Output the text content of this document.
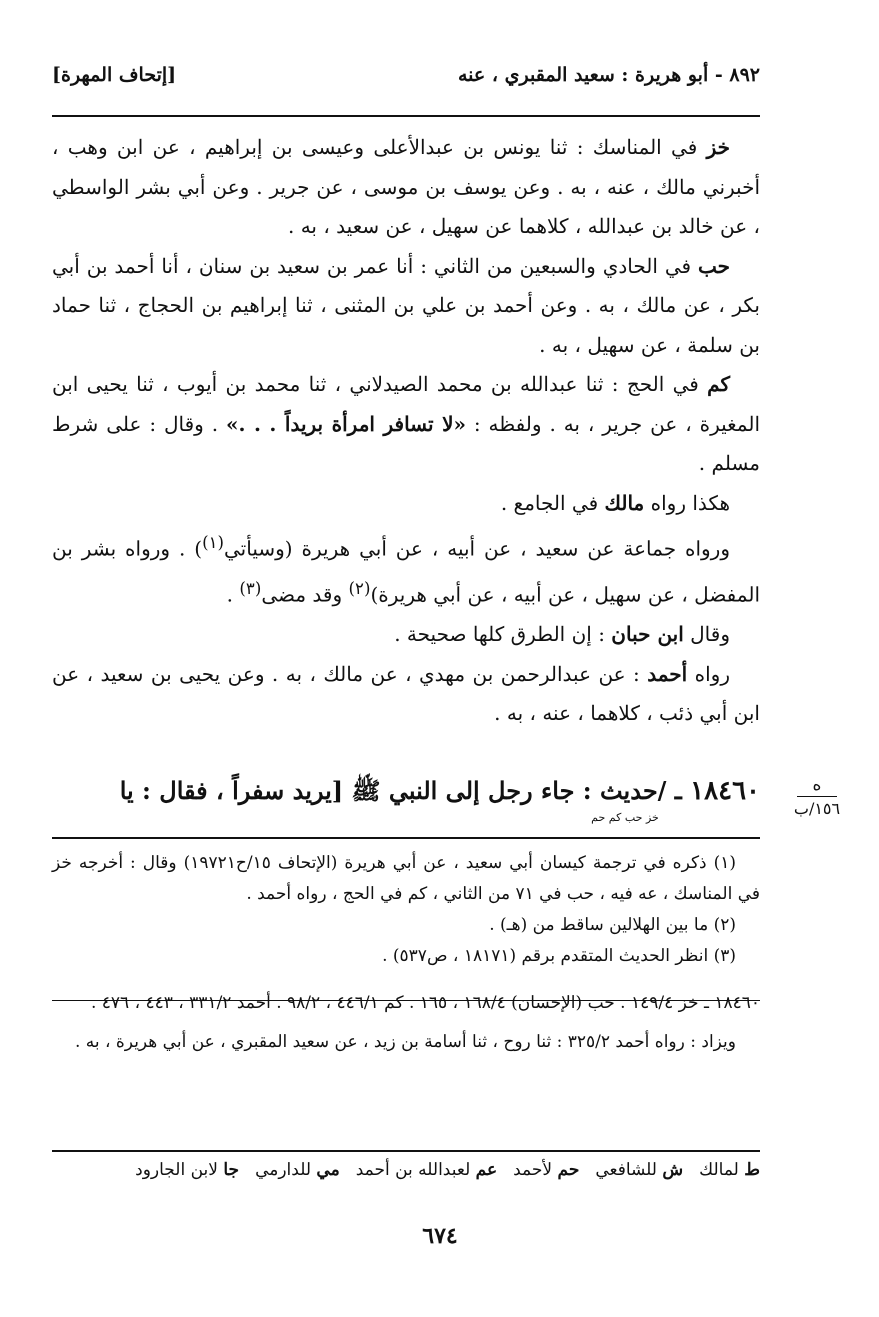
٨٩٢ - أبو هريرة : سعيد المقبري ، عنه
[إتحاف المهرة]

خز في المناسك : ثنا يونس بن عبدالأعلى وعيسى بن إبراهيم ، عن ابن وهب ، أخبرني مالك ، عنه ، به . وعن يوسف بن موسى ، عن جرير . وعن أبي بشر الواسطي ، عن خالد بن عبدالله ، كلاهما عن سهيل ، عن سعيد ، به .

حب في الحادي والسبعين من الثاني : أنا عمر بن سعيد بن سنان ، أنا أحمد بن أبي بكر ، عن مالك ، به . وعن أحمد بن علي بن المثنى ، ثنا إبراهيم بن الحجاج ، ثنا حماد بن سلمة ، عن سهيل ، به .

كم في الحج : ثنا عبدالله بن محمد الصيدلاني ، ثنا محمد بن أيوب ، ثنا يحيى ابن المغيرة ، عن جرير ، به . ولفظه : «لا تسافر امرأة بريداً . . .» . وقال : على شرط مسلم .

هكذا رواه مالك في الجامع .

ورواه جماعة عن سعيد ، عن أبيه ، عن أبي هريرة (وسيأتي$^{(١)}$) . ورواه بشر بن المفضل ، عن سهيل ، عن أبيه ، عن أبي هريرة)$^{(٢)}$ وقد مضى$^{(٣)}$ .

وقال ابن حبان : إن الطرق كلها صحيحة .

رواه أحمد : عن عبدالرحمن بن مهدي ، عن مالك ، به . وعن يحيى بن سعيد ، عن ابن أبي ذئب ، كلاهما ، عنه ، به .

١٨٤٦٠ ـ /حديث : جاء رجل إلى النبي ﷺ [يريد سفراً ، فقال : يا
خز حب كم حم
ه
١٥٦/ب

(١) ذكره في ترجمة كيسان أبي سعيد ، عن أبي هريرة (الإتحاف ١٥/ح١٩٧٢١) وقال : أخرجه خز في المناسك ، عه فيه ، حب في ٧١ من الثاني ، كم في الحج ، رواه أحمد .

(٢) ما بين الهلالين ساقط من (هـ) .

(٣) انظر الحديث المتقدم برقم (١٨١٧١ ، ص٥٣٧) .

١٨٤٦٠ ـ خز ١٤٩/٤ . حب (الإحسان) ١٦٨/٤ ، ١٦٥ . كم ٤٤٦/١ ، ٩٨/٢ . أحمد ٣٣١/٢ ، ٤٤٣ ، ٤٧٦ .

ويزاد : رواه أحمد ٣٢٥/٢ : ثنا روح ، ثنا أسامة بن زيد ، عن سعيد المقبري ، عن أبي هريرة ، به .

ط لمالك
ش للشافعي
حم لأحمد
عم لعبدالله بن أحمد
مي للدارمي
جا لابن الجارود
٦٧٤
